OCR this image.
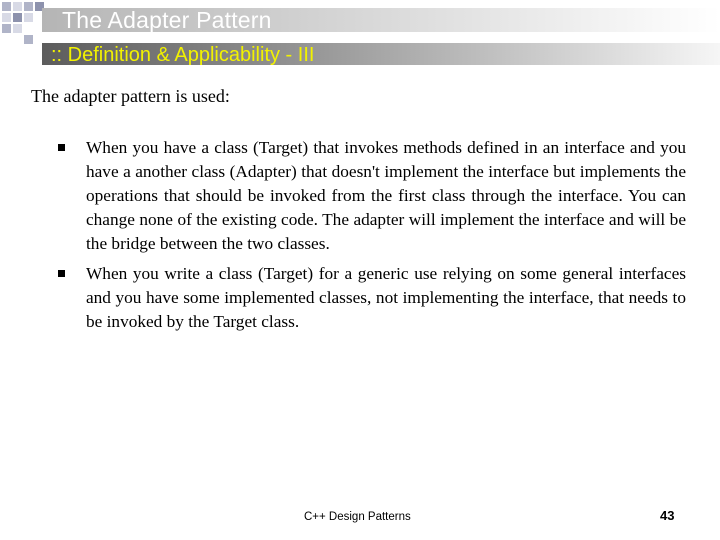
The Adapter Pattern
:: Definition & Applicability - III
The adapter pattern is used:
When you have a class (Target) that invokes methods defined in an interface and you have a another class (Adapter) that doesn't implement the interface but implements the operations that should be invoked from the first class through the interface. You can change none of the existing code. The adapter will implement the interface and will be the bridge between the two classes.
When you write a class (Target) for a generic use relying on some general interfaces and you have some implemented classes, not implementing the interface, that needs to be invoked by the Target class.
C++ Design Patterns	43
